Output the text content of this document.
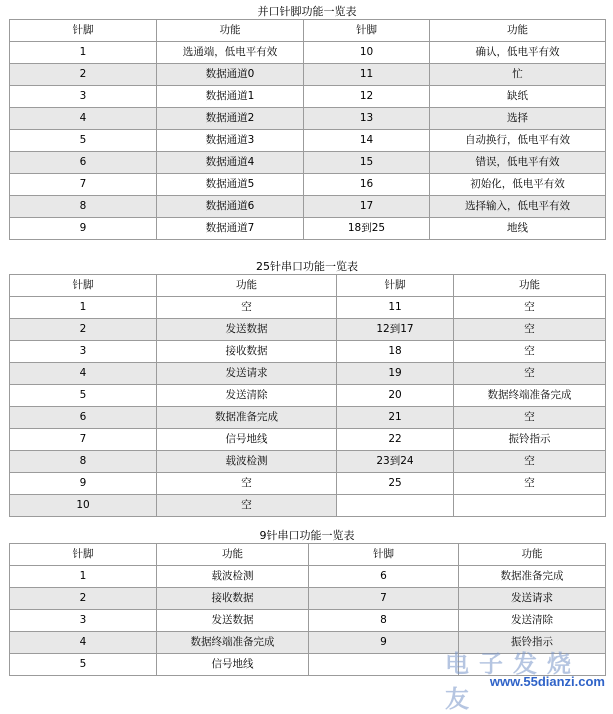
并口针脚功能一览表
针脚	功能	针脚	功能
1	选通端，低电平有效	10	确认，低电平有效
2	数据通道0	11	忙
3	数据通道1	12	缺纸
4	数据通道2	13	选择
5	数据通道3	14	自动换行，低电平有效
6	数据通道4	15	错误，低电平有效
7	数据通道5	16	初始化，低电平有效
8	数据通道6	17	选择输入，低电平有效
9	数据通道7	18到25	地线
25针串口功能一览表
针脚	功能	针脚	功能
1	空	11	空
2	发送数据	12到17	空
3	接收数据	18	空
4	发送请求	19	空
5	发送清除	20	数据终端准备完成
6	数据准备完成	21	空
7	信号地线	22	振铃指示
8	载波检测	23到24	空
9	空	25	空
10	空		
9针串口功能一览表
针脚	功能	针脚	功能
1	载波检测	6	数据准备完成
2	接收数据	7	发送请求
3	发送数据	8	发送清除
4	数据终端准备完成	9	振铃指示
5	信号地线			电子发烧友
www.55dianzi.com
